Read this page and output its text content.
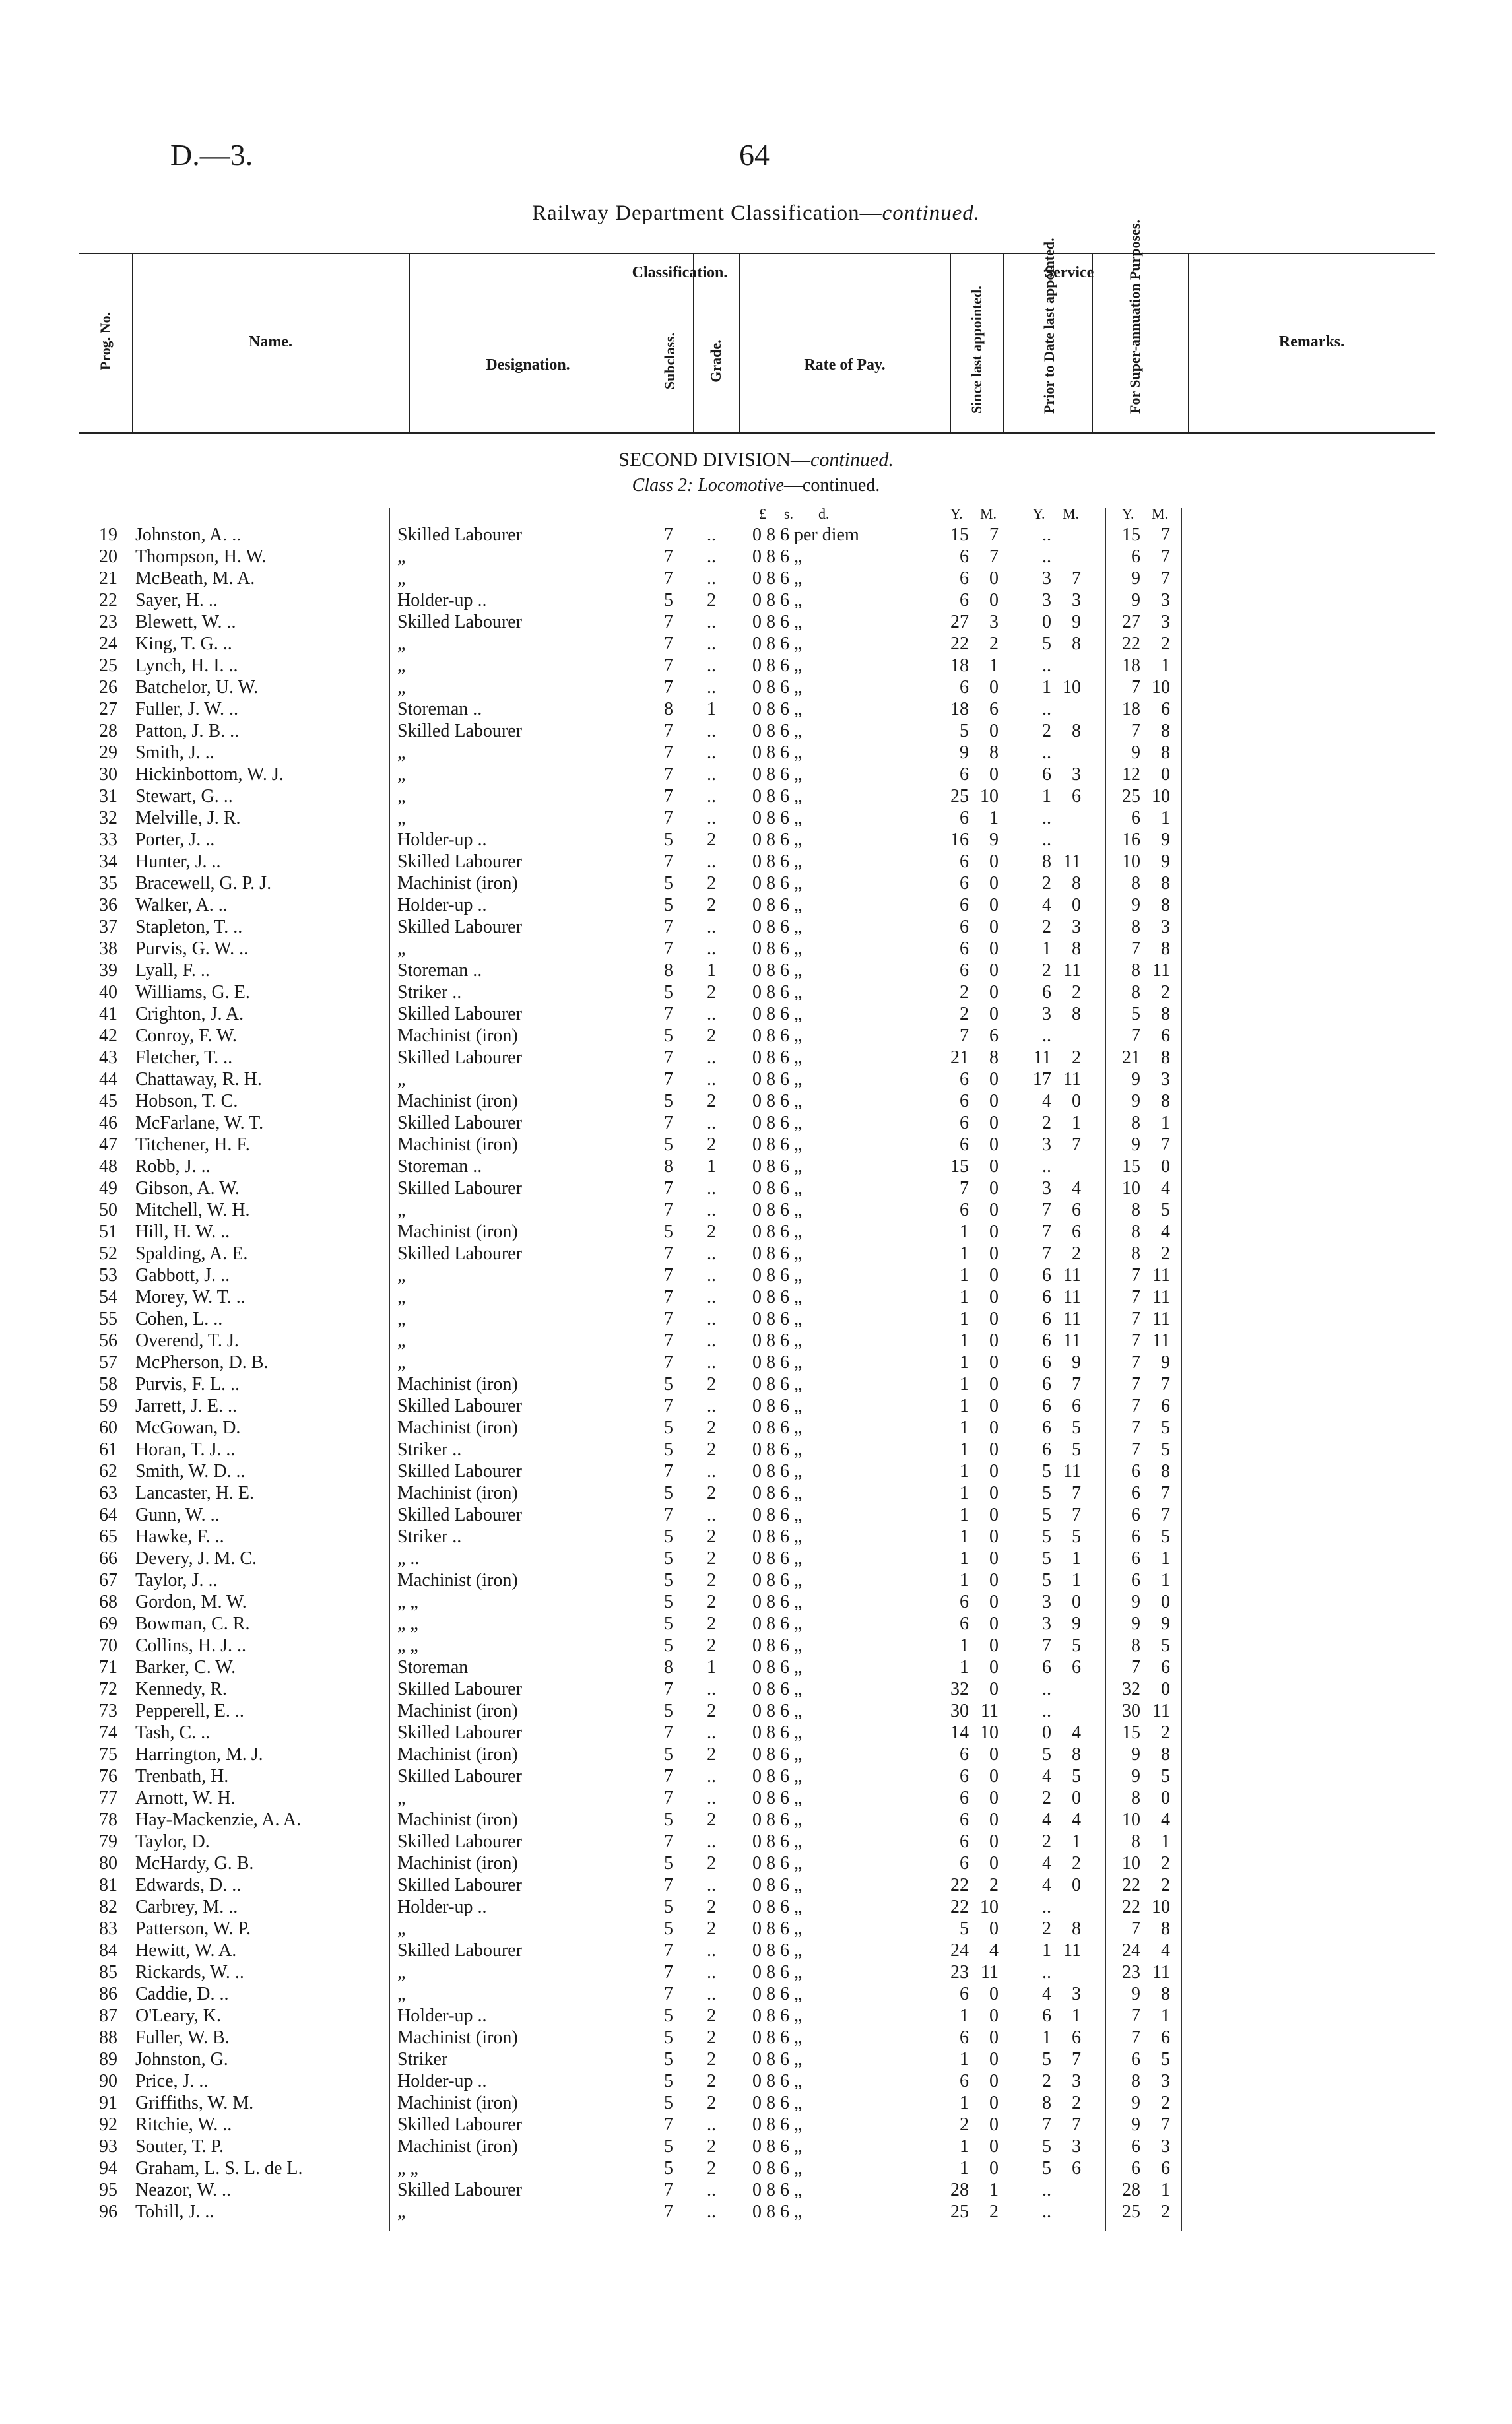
D.—3.	64
Railway Department Classification—continued.
Prog. No.	Name.
Classification.
Designation.	Subclass. Grade.	Rate of Pay.
Service
Since last appointed.	Prior to Date last appointed.	For Super-annuation Purposes.	Remarks.
SECOND DIVISION—continued.
Class 2: Locomotive—continued.
£ s. d.	Y. M. Y. M.	Y. M.
19 Johnston, A. ..	Skilled Labourer	7	..	0 8 6 per diem	15	7	..	15	7
20 Thompson, H. W.	„	7	..	0 8 6 „	6	7	..	6	7
21 McBeath, M. A.	„	7	..	0 8 6 „	6	0	3	7	9	7
22 Sayer, H. ..	Holder-up ..	5	2	0 8 6 „	6	0	3	3	9	3
23 Blewett, W. ..	Skilled Labourer	7	..	0 8 6 „	27	3	0	9	27	3
24 King, T. G. ..	„	7	..	0 8 6 „	22	2	5	8	22	2
25 Lynch, H. I. ..	„	7	..	0 8 6 „	18	1	..	18	1
26 Batchelor, U. W.	„	7	..	0 8 6 „	6	0	1 10	7 10
27 Fuller, J. W. ..	Storeman ..	8	1	0 8 6 „	18	6	..	18	6
28 Patton, J. B. ..	Skilled Labourer	7	..	0 8 6 „	5	0	2	8	7	8
29 Smith, J. ..	„	7	..	0 8 6 „	9	8	..	9	8
30 Hickinbottom, W. J.	„	7	..	0 8 6 „	6	0	6	3	12	0
31 Stewart, G. ..	„	7	..	0 8 6 „	25 10	1	6	25 10
32 Melville, J. R.	„	7	..	0 8 6 „	6	1	..	6	1
33 Porter, J. ..	Holder-up ..	5	2	0 8 6 „	16	9	..	16	9
34 Hunter, J. ..	Skilled Labourer	7	..	0 8 6 „	6	0	8 11	10	9
35 Bracewell, G. P. J.	Machinist (iron)	5	2	0 8 6 „	6	0	2	8	8	8
36 Walker, A. ..	Holder-up ..	5	2	0 8 6 „	6	0	4	0	9	8
37 Stapleton, T. ..	Skilled Labourer	7	..	0 8 6 „	6	0	2	3	8	3
38 Purvis, G. W. ..	„	7	..	0 8 6 „	6	0	1	8	7	8
39 Lyall, F. ..	Storeman ..	8	1	0 8 6 „	6	0	2 11	8 11
40 Williams, G. E.	Striker ..	5	2	0 8 6 „	2	0	6	2	8	2
41 Crighton, J. A.	Skilled Labourer	7	..	0 8 6 „	2	0	3	8	5	8
42 Conroy, F. W.	Machinist (iron)	5	2	0 8 6 „	7	6	..	7	6
43 Fletcher, T. ..	Skilled Labourer	7	..	0 8 6 „	21	8	11	2	21	8
44 Chattaway, R. H.	„	7	..	0 8 6 „	6	0	17 11	9	3
45 Hobson, T. C.	Machinist (iron)	5	2	0 8 6 „	6	0	4	0	9	8
46 McFarlane, W. T.	Skilled Labourer	7	..	0 8 6 „	6	0	2	1	8	1
47 Titchener, H. F.	Machinist (iron)	5	2	0 8 6 „	6	0	3	7	9	7
48 Robb, J. ..	Storeman ..	8	1	0 8 6 „	15	0	..	15	0
49 Gibson, A. W.	Skilled Labourer	7	..	0 8 6 „	7	0	3	4	10	4
50 Mitchell, W. H.	„	7	..	0 8 6 „	6	0	7	6	8	5
51 Hill, H. W. ..	Machinist (iron)	5	2	0 8 6 „	1	0	7	6	8	4
52 Spalding, A. E.	Skilled Labourer	7	..	0 8 6 „	1	0	7	2	8	2
53 Gabbott, J. ..	„	7	..	0 8 6 „	1	0	6 11	7 11
54 Morey, W. T. ..	„	7	..	0 8 6 „	1	0	6 11	7 11
55 Cohen, L. ..	„	7	..	0 8 6 „	1	0	6 11	7 11
56 Overend, T. J.	„	7	..	0 8 6 „	1	0	6 11	7 11
57 McPherson, D. B.	„	7	..	0 8 6 „	1	0	6	9	7	9
58 Purvis, F. L. ..	Machinist (iron)	5	2	0 8 6 „	1	0	6	7	7	7
59 Jarrett, J. E. ..	Skilled Labourer	7	..	0 8 6 „	1	0	6	6	7	6
60 McGowan, D.	Machinist (iron)	5	2	0 8 6 „	1	0	6	5	7	5
61 Horan, T. J. ..	Striker ..	5	2	0 8 6 „	1	0	6	5	7	5
62 Smith, W. D. ..	Skilled Labourer	7	..	0 8 6 „	1	0	5 11	6	8
63 Lancaster, H. E.	Machinist (iron)	5	2	0 8 6 „	1	0	5	7	6	7
64 Gunn, W. ..	Skilled Labourer	7	..	0 8 6 „	1	0	5	7	6	7
65 Hawke, F. ..	Striker ..	5	2	0 8 6 „	1	0	5	5	6	5
66 Devery, J. M. C.	„ ..	5	2	0 8 6 „	1	0	5	1	6	1
67 Taylor, J. ..	Machinist (iron)	5	2	0 8 6 „	1	0	5	1	6	1
68 Gordon, M. W.	„ „	5	2	0 8 6 „	6	0	3	0	9	0
69 Bowman, C. R.	„ „	5	2	0 8 6 „	6	0	3	9	9	9
70 Collins, H. J. ..	„ „	5	2	0 8 6 „	1	0	7	5	8	5
71 Barker, C. W.	Storeman	8	1	0 8 6 „	1	0	6	6	7	6
72 Kennedy, R.	Skilled Labourer	7	..	0 8 6 „	32	0	..	32	0
73 Pepperell, E. ..	Machinist (iron)	5	2	0 8 6 „	30 11	..	30 11
74 Tash, C. ..	Skilled Labourer	7	..	0 8 6 „	14 10	0	4	15	2
75 Harrington, M. J.	Machinist (iron)	5	2	0 8 6 „	6	0	5	8	9	8
76 Trenbath, H.	Skilled Labourer	7	..	0 8 6 „	6	0	4	5	9	5
77 Arnott, W. H.	„	7	..	0 8 6 „	6	0	2	0	8	0
78 Hay-Mackenzie, A. A.	Machinist (iron)	5	2	0 8 6 „	6	0	4	4	10	4
79 Taylor, D.	Skilled Labourer	7	..	0 8 6 „	6	0	2	1	8	1
80 McHardy, G. B.	Machinist (iron)	5	2	0 8 6 „	6	0	4	2	10	2
81 Edwards, D. ..	Skilled Labourer	7	..	0 8 6 „	22	2	4	0	22	2
82 Carbrey, M. ..	Holder-up ..	5	2	0 8 6 „	22 10	..	22 10
83 Patterson, W. P.	„	5	2	0 8 6 „	5	0	2	8	7	8
84 Hewitt, W. A.	Skilled Labourer	7	..	0 8 6 „	24	4	1 11	24	4
85 Rickards, W. ..	„	7	..	0 8 6 „	23 11	..	23 11
86 Caddie, D. ..	„	7	..	0 8 6 „	6	0	4	3	9	8
87 O'Leary, K.	Holder-up ..	5	2	0 8 6 „	1	0	6	1	7	1
88 Fuller, W. B.	Machinist (iron)	5	2	0 8 6 „	6	0	1	6	7	6
89 Johnston, G.	Striker	5	2	0 8 6 „	1	0	5	7	6	5
90 Price, J. ..	Holder-up ..	5	2	0 8 6 „	6	0	2	3	8	3
91 Griffiths, W. M.	Machinist (iron)	5	2	0 8 6 „	1	0	8	2	9	2
92 Ritchie, W. ..	Skilled Labourer	7	..	0 8 6 „	2	0	7	7	9	7
93 Souter, T. P.	Machinist (iron)	5	2	0 8 6 „	1	0	5	3	6	3
94 Graham, L. S. L. de L.	„ „	5	2	0 8 6 „	1	0	5	6	6	6
95 Neazor, W. ..	Skilled Labourer	7	..	0 8 6 „	28	1	..	28	1
96 Tohill, J. ..	„	7	..	0 8 6 „	25	2	..	25	2
